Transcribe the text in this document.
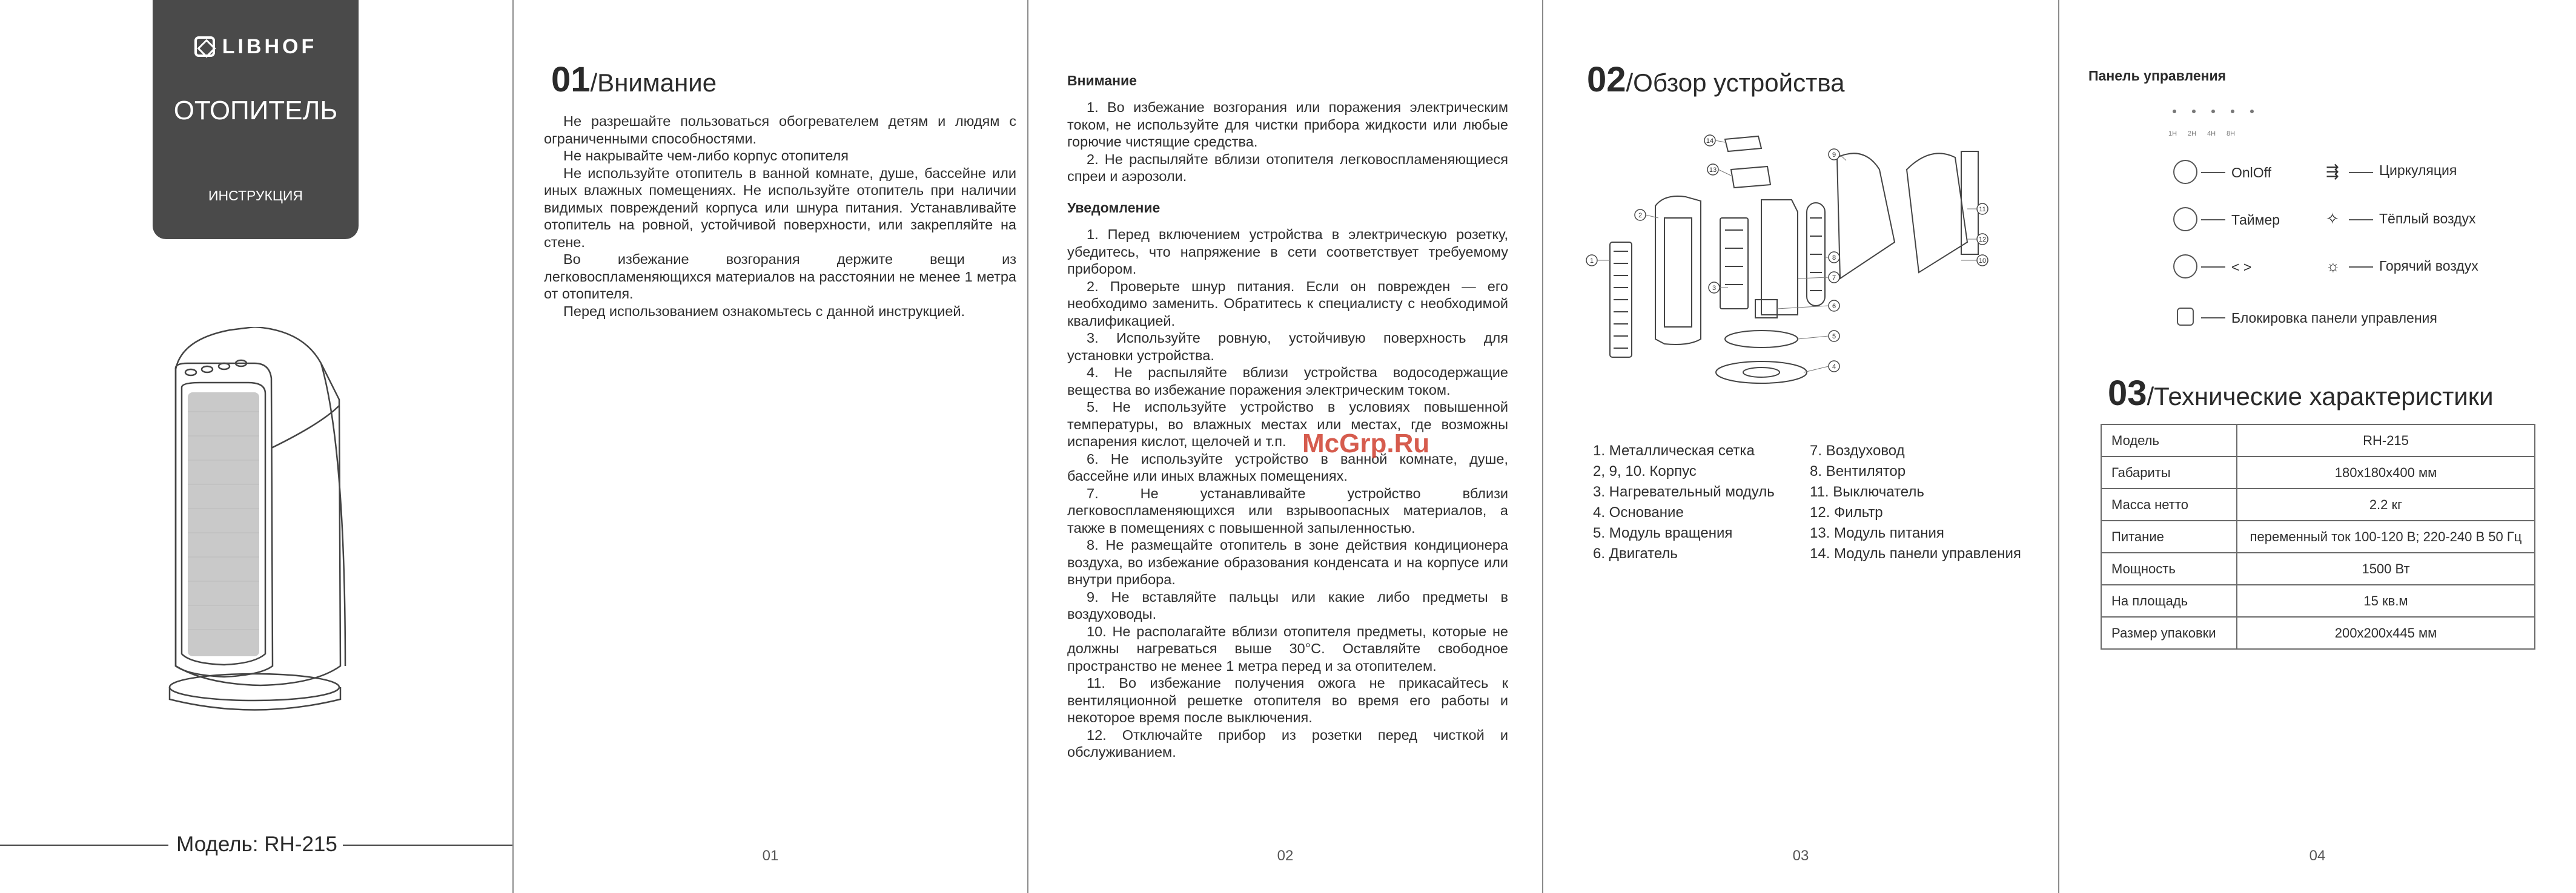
LIBHOF
ОТОПИТЕЛЬ
ИНСТРУКЦИЯ
Модель: RH-215
01/Внимание

Не разрешайте пользоваться обогревателем детям и людям с ограниченными способностями.

Не накрывайте чем-либо корпус отопителя

Не используйте отопитель в ванной комнате, душе, бассейне или иных влажных помещениях. Не используйте отопитель при наличии видимых повреждений корпуса или шнура питания. Устанавливайте отопитель на ровной, устойчивой поверхности, или закрепляйте на стене.

Во избежание возгорания держите вещи из легковоспламеняющихся материалов на расстоянии не менее 1 метра от отопителя.

Перед использованием ознакомьтесь с данной инструкцией.

01
Внимание

1. Во избежание возгорания или поражения электрическим током, не используйте для чистки прибора жидкости или любые горючие чистящие средства.

2. Не распыляйте вблизи отопителя легковоспламеняющиеся спреи и аэрозоли.

Уведомление

1. Перед включением устройства в электрическую розетку, убедитесь, что напряжение в сети соответствует требуемому прибором.

2. Проверьте шнур питания. Если он поврежден — его необходимо заменить. Обратитесь к специалисту с необходимой квалификацией.

3. Используйте ровную, устойчивую поверхность для установки устройства.

4. Не распыляйте вблизи устройства водосодержащие вещества во избежание поражения электрическим током.

5. Не используйте устройство в условиях повышенной температуры, во влажных местах или местах, где возможны испарения кислот, щелочей и т.п.

6. Не используйте устройство в ванной комнате, душе, бассейне или иных влажных помещениях.

7. Не устанавливайте устройство вблизи легковоспламеняющихся или взрывоопасных материалов, а также в помещениях с повышенной запыленностью.

8. Не размещайте отопитель в зоне действия кондиционера воздуха, во избежание образования конденсата и на корпусе или внутри прибора.

9. Не вставляйте пальцы или какие либо предметы в воздуховоды.

10. Не располагайте вблизи отопителя предметы, которые не должны нагреваться выше 30°С. Оставляйте свободное пространство не менее 1 метра перед и за отопителем.

11. Во избежание получения ожога не прикасайтесь к вентиляционной решетке отопителя во время его работы и некоторое время после выключения.

12. Отключайте прибор из розетки перед чисткой и обслуживанием.

McGrp.Ru
02
02/Обзор устройства
1
2
3
4
5
6
7
8
9
10
11
12
13
14
1. Металлическая сетка
2, 9, 10. Корпус
3. Нагревательный модуль
4. Основание
5. Модуль вращения
6. Двигатель
7. Воздуховод
8. Вентилятор
11. Выключатель
12. Фильтр
13. Модуль питания
14. Модуль панели управления
03
Панель управления
1H 2H 4H 8H
OnlOff
Таймер
< >
Блокировка панели управления
⇶	Циркуляция
✧	Тёплый воздух
☼	Горячий воздух
03/Технические характеристики
Модель	RH-215
Габариты	180х180х400 мм
Масса нетто	2.2 кг
Питание	переменный ток 100-120 В; 220-240 В 50 Гц
Мощность	1500 Вт
На площадь	15 кв.м
Размер упаковки	200х200х445 мм
04
